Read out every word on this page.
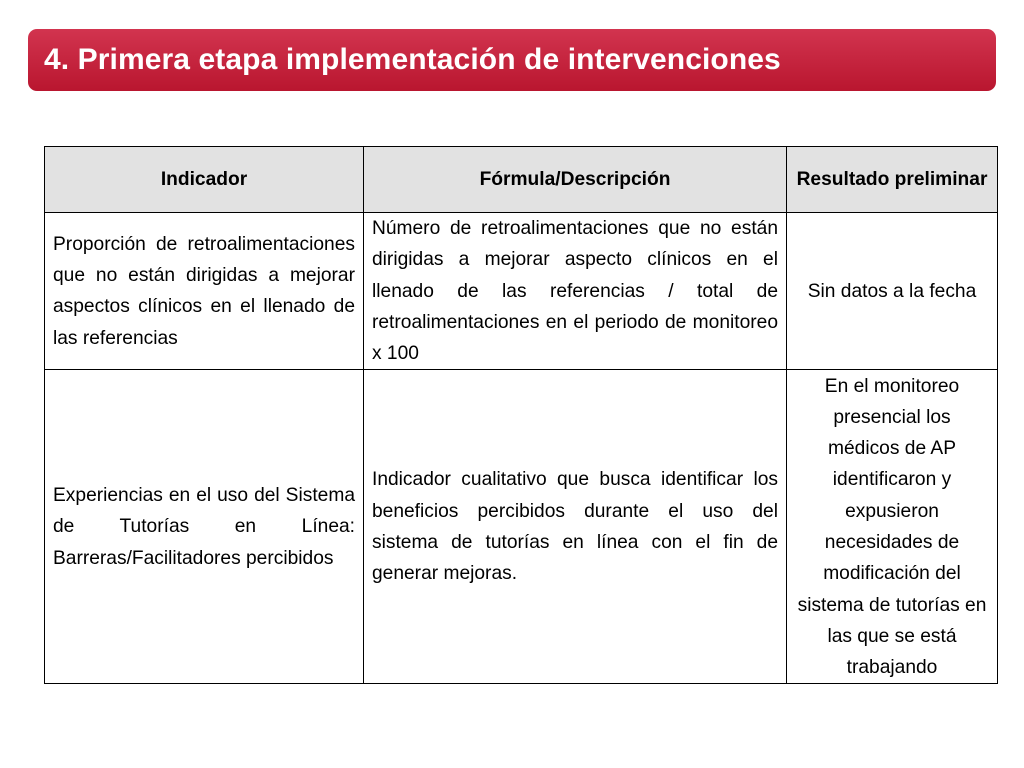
4. Primera etapa implementación de intervenciones
Indicador	Fórmula/Descripción	Resultado preliminar
Proporción de retroalimentaciones que no están dirigidas a mejorar aspectos clínicos en el llenado de las referencias	Número de retroalimentaciones que no están dirigidas a mejorar aspecto clínicos en el llenado de las referencias / total de retroalimentaciones en el periodo de monitoreo x 100	Sin datos a la fecha
Experiencias en el uso del Sistema de Tutorías en Línea: Barreras/Facilitadores percibidos	Indicador cualitativo que busca identificar los beneficios percibidos durante el uso del sistema de tutorías en línea con el fin de generar mejoras.	En el monitoreo presencial los médicos de AP identificaron y expusieron necesidades de modificación del sistema de tutorías en las que se está trabajando
